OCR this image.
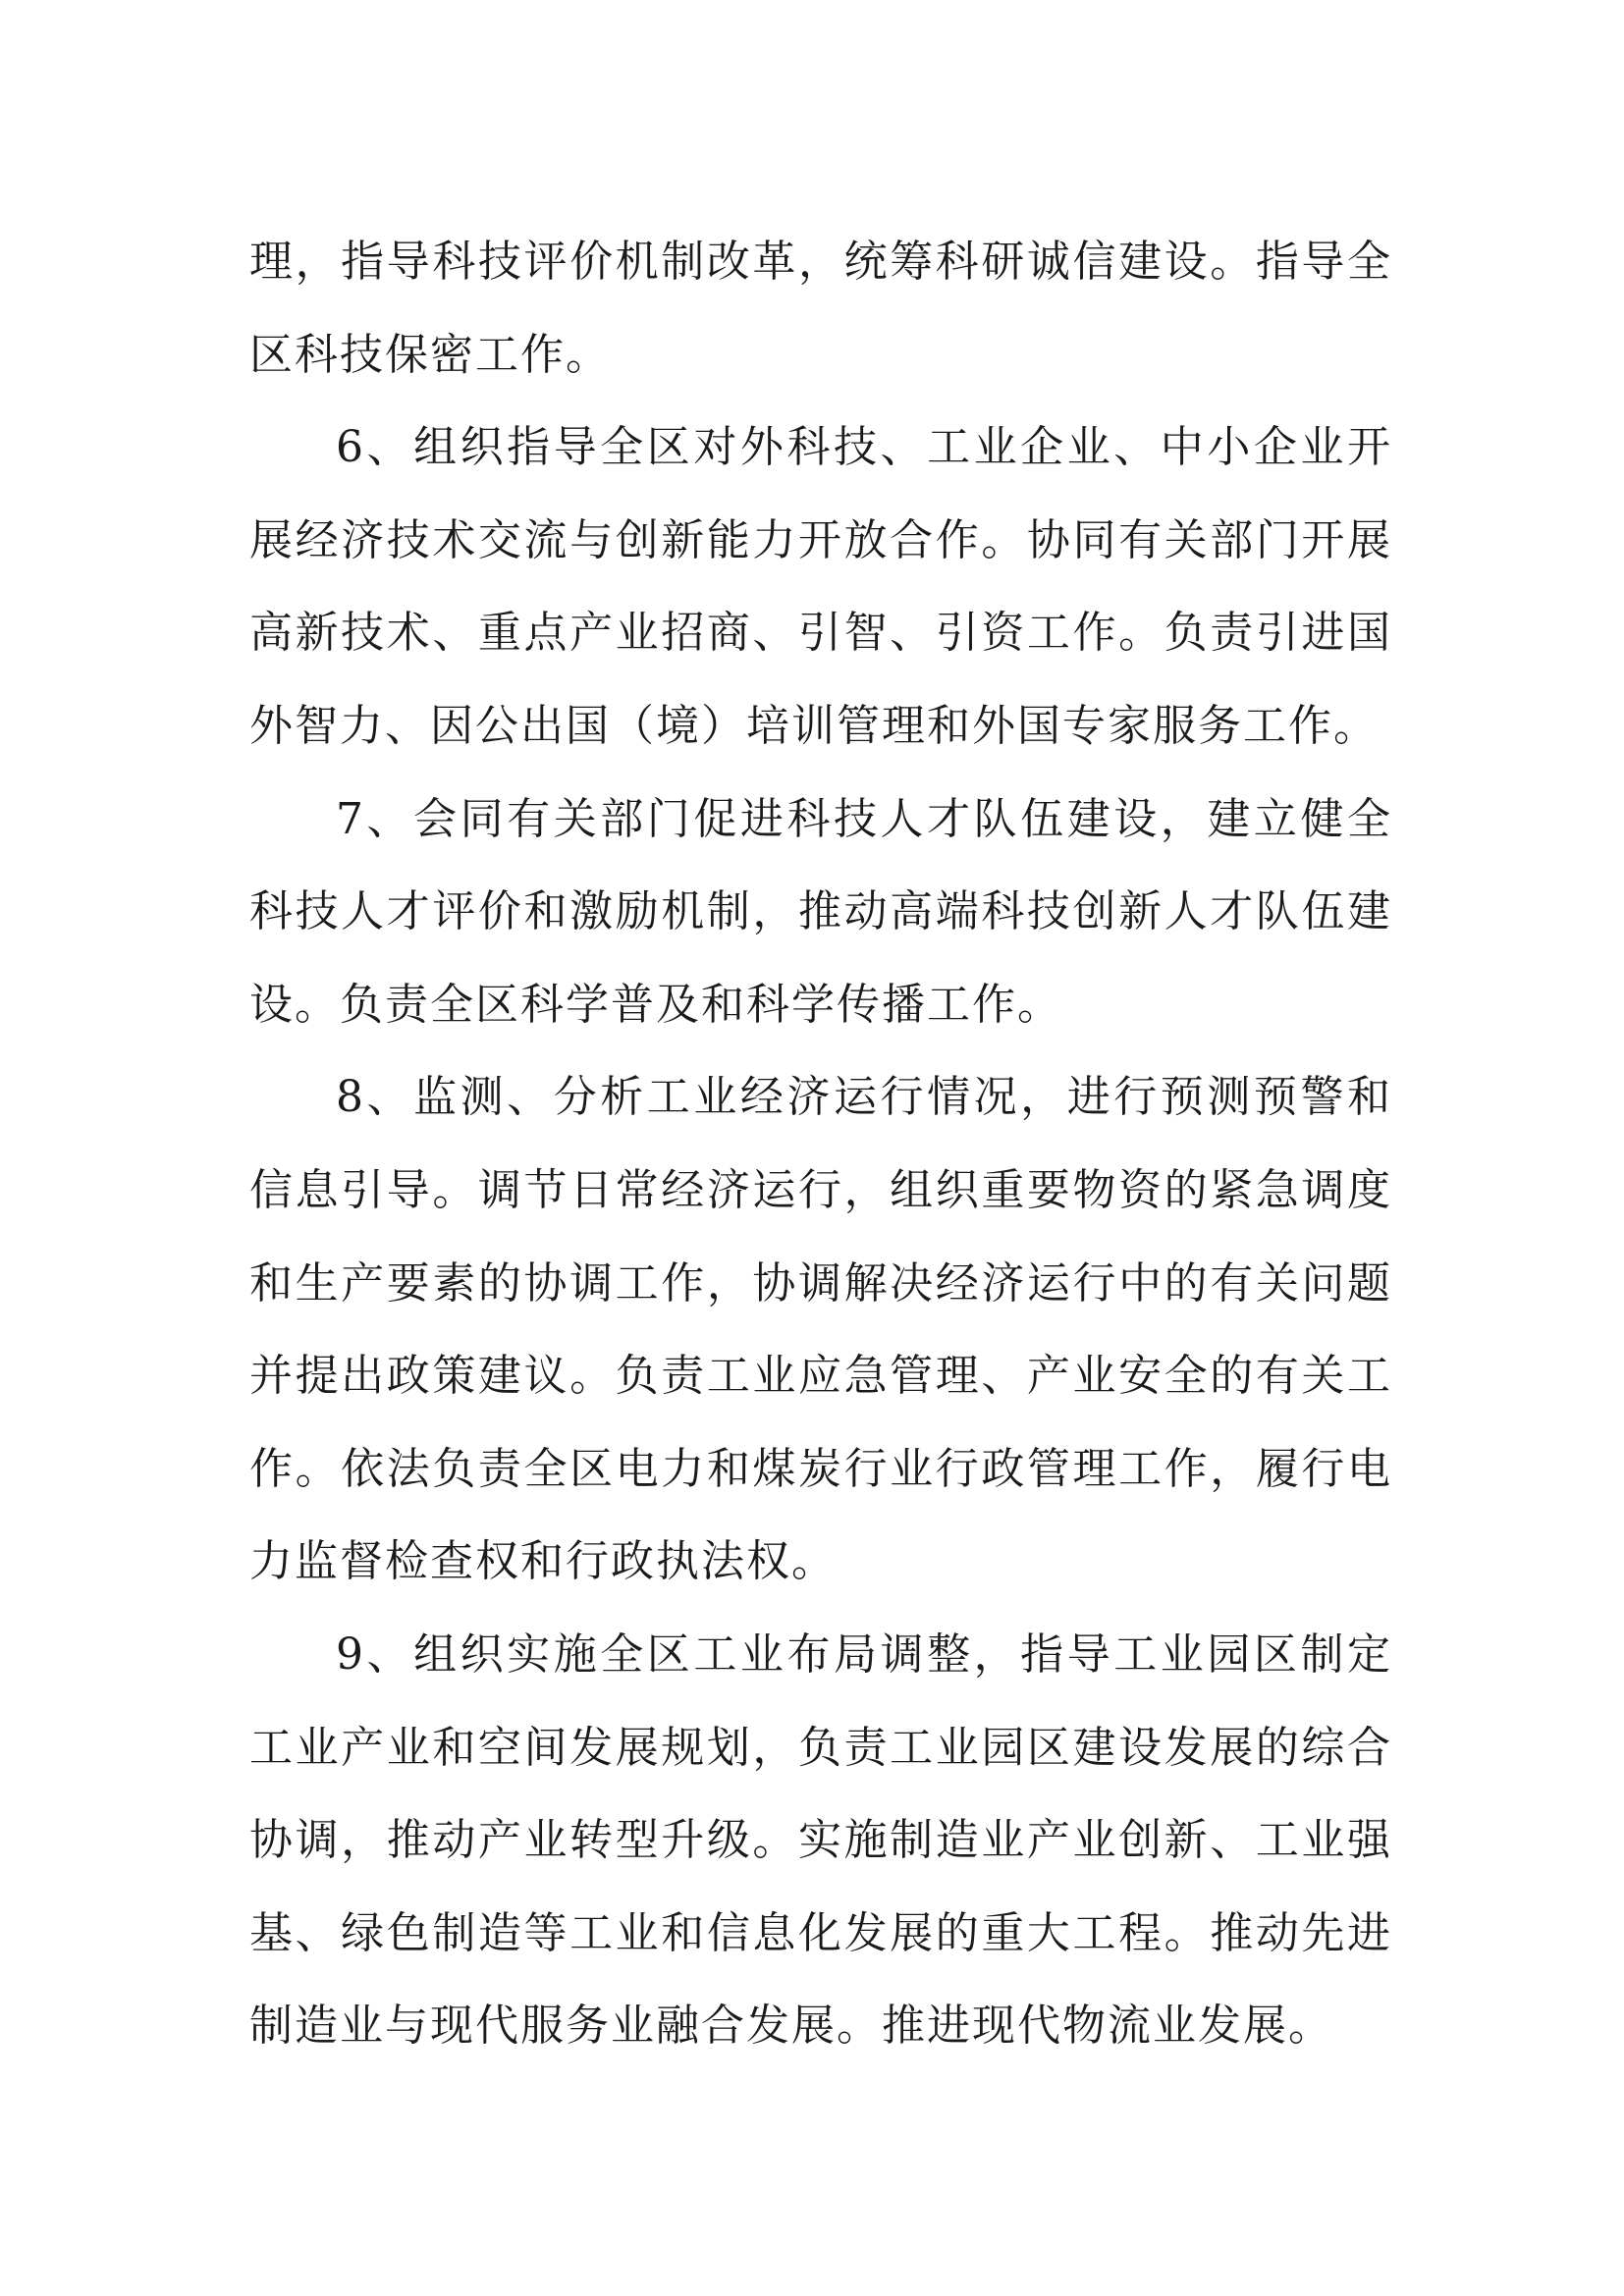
理，指导科技评价机制改革，统筹科研诚信建设。指导全区科技保密工作。

6、组织指导全区对外科技、工业企业、中小企业开展经济技术交流与创新能力开放合作。协同有关部门开展高新技术、重点产业招商、引智、引资工作。负责引进国外智力、因公出国（境）培训管理和外国专家服务工作。

7、会同有关部门促进科技人才队伍建设，建立健全科技人才评价和激励机制，推动高端科技创新人才队伍建设。负责全区科学普及和科学传播工作。

8、监测、分析工业经济运行情况，进行预测预警和信息引导。调节日常经济运行，组织重要物资的紧急调度和生产要素的协调工作，协调解决经济运行中的有关问题并提出政策建议。负责工业应急管理、产业安全的有关工作。依法负责全区电力和煤炭行业行政管理工作，履行电力监督检查权和行政执法权。

9、组织实施全区工业布局调整，指导工业园区制定工业产业和空间发展规划，负责工业园区建设发展的综合协调，推动产业转型升级。实施制造业产业创新、工业强基、绿色制造等工业和信息化发展的重大工程。推动先进制造业与现代服务业融合发展。推进现代物流业发展。
